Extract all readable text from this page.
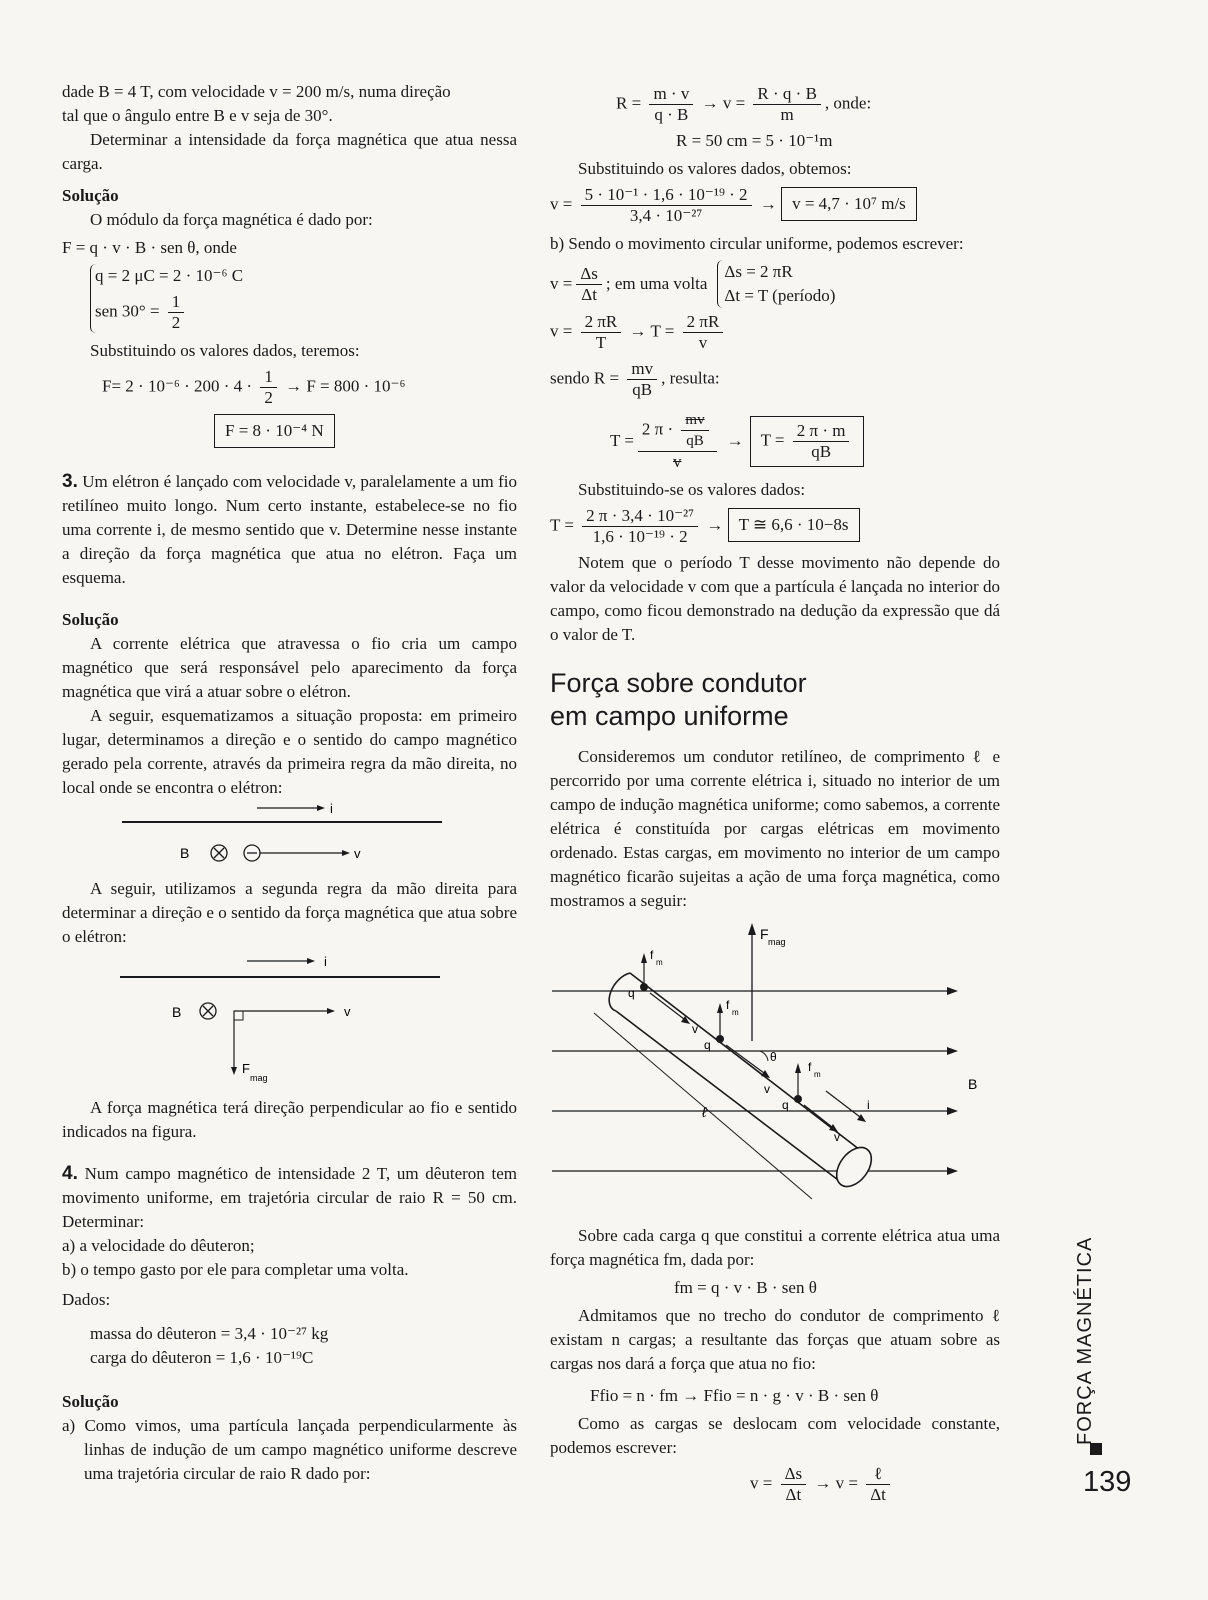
dade B = 4 T, com velocidade v = 200 m/s, numa direção

tal que o ângulo entre B e v seja de 30°.

Determinar a intensidade da força magnética que atua nessa carga.

Solução

O módulo da força magnética é dado por:

F = q · v · B · sen θ, onde

q = 2 μC = 2 · 10⁻⁶ C

sen $30^\circ = \frac{1}{2}$

Substituindo os valores dados, teremos:

$F= 2 \cdot 10^{-6} \cdot 200 \cdot 4 \cdot \frac{1}{2} \to F = 800 \cdot 10^{-6}$

F = 8 · 10⁻⁴ N

3. Um elétron é lançado com velocidade v, paralelamente a um fio retilíneo muito longo. Num certo instante, estabelece-se no fio uma corrente i, de mesmo sentido que v. Determine nesse instante a direção da força magnética que atua no elétron. Faça um esquema.

Solução

A corrente elétrica que atravessa o fio cria um campo magnético que será responsável pelo aparecimento da força magnética que virá a atuar sobre o elétron.

A seguir, esquematizamos a situação proposta: em primeiro lugar, determinamos a direção e o sentido do campo magnético gerado pela corrente, através da primeira regra da mão direita, no local onde se encontra o elétron:

i
B	v

A seguir, utilizamos a segunda regra da mão direita para determinar a direção e o sentido da força magnética que atua sobre o elétron:

i
B	v
F
mag

A força magnética terá direção perpendicular ao fio e sentido indicados na figura.

4. Num campo magnético de intensidade 2 T, um dêuteron tem movimento uniforme, em trajetória circular de raio R = 50 cm. Determinar:

a) a velocidade do dêuteron;

b) o tempo gasto por ele para completar uma volta.

Dados:

massa do dêuteron = 3,4 · 10⁻²⁷ kg

carga do dêuteron = 1,6 · 10⁻¹⁹C

Solução

a) Como vimos, uma partícula lançada perpendicularmente às linhas de indução de um campo magnético uniforme descreve uma trajetória circular de raio R dado por:

$R = \frac{m \cdot v}{q \cdot B} \to v = \frac{R \cdot q \cdot B}{m}$ , onde:

R = 50 cm = 5 · 10⁻¹m

Substituindo os valores dados, obtemos:

$v = \frac{\text{5 · 10⁻¹ · 1,6 · 10⁻¹⁹ · 2}}{\text{3,4 · 10⁻²⁷}} \to v = 4,7 \cdot 10^7$ m/s

b) Sendo o movimento circular uniforme, podemos escrever:

$v = \frac{\Delta s}{\Delta t}$ ; em uma volta
Δs = 2 πR
Δt = T (período)

$v = \frac{2 \pi R}{T} \to T = \frac{2 \pi R}{v}$

sendo $R = \frac{mv}{qB}$ , resulta:

$T = \frac{2 \pi \cdot \frac{mv}{qB}}{v}$ →	$T = \frac{2 \pi \cdot m}{qB}$

Substituindo-se os valores dados:

$T = \frac{\text{2 π · 3,4 · 10⁻²⁷}}{\text{1,6 · 10⁻¹⁹ · 2}} \to T$ ≅ 6,6 · 10−8s

Notem que o período T desse movimento não depende do valor da velocidade v com que a partícula é lançada no interior do campo, como ficou demonstrado na dedução da expressão que dá o valor de T.

Força sobre condutor
em campo uniforme

Consideremos um condutor retilíneo, de comprimento ℓ e percorrido por uma corrente elétrica i, situado no interior de um campo de indução magnética uniforme; como sabemos, a corrente elétrica é constituída por cargas elétricas em movimento ordenado. Estas cargas, em movimento no interior de um campo magnético ficarão sujeitas a ação de uma força magnética, como mostramos a seguir:

ℓ
F mag
f
m
q
v
f
m
q
v
f
m
q
v
θ
i
B

Sobre cada carga q que constitui a corrente elétrica atua uma força magnética fm, dada por:

fm = q · v · B · sen θ

Admitamos que no trecho do condutor de comprimento ℓ existam n cargas; a resultante das forças que atuam sobre as cargas nos dará a força que atua no fio:

Ffio = n · fm → Ffio = n · g · v · B · sen θ

Como as cargas se deslocam com velocidade constante, podemos escrever:

$v = \frac{\Delta s}{\Delta t} \to v = \frac{\text{ℓ}}{\Delta t}$

FORÇA MAGNÉTICA
139
